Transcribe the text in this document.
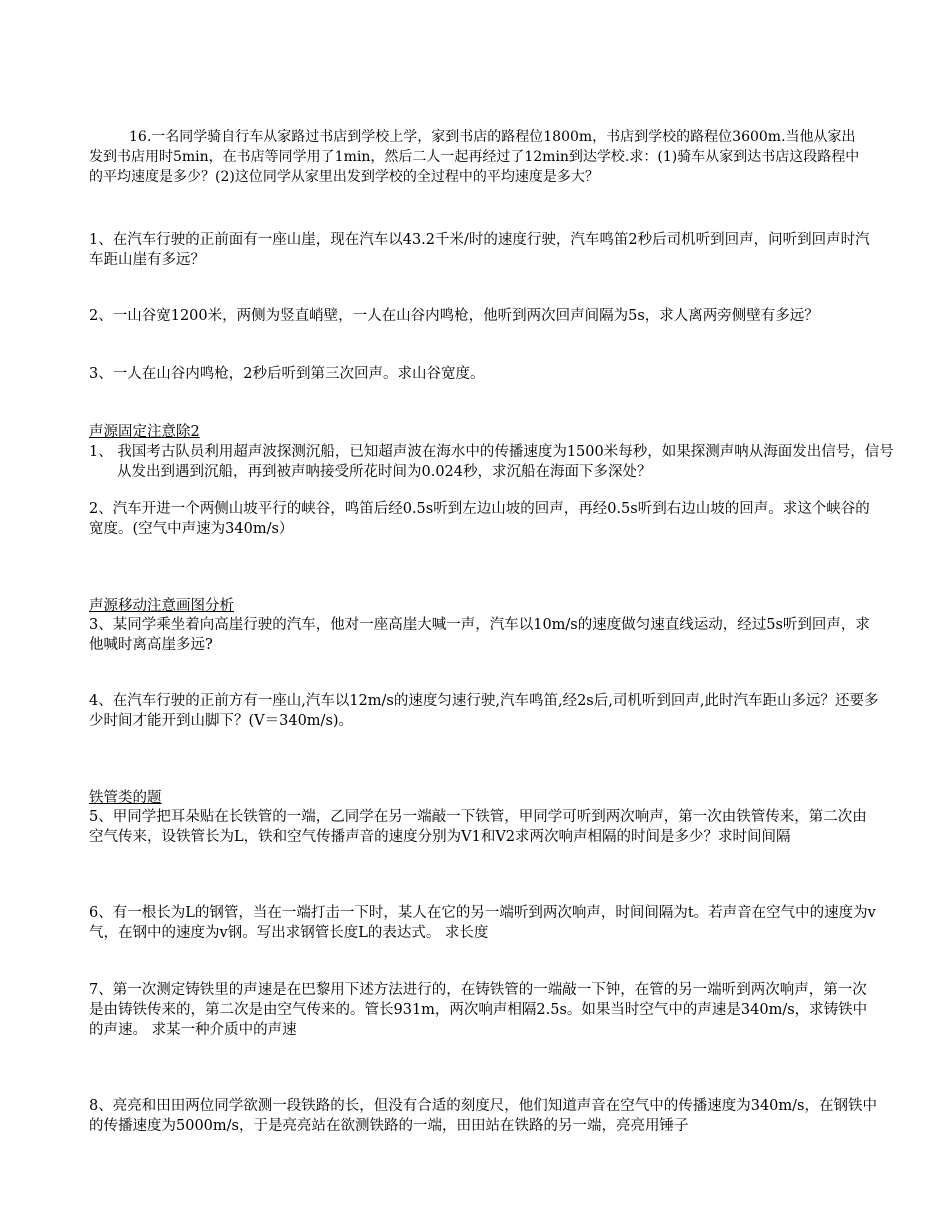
16.一名同学骑自行车从家路过书店到学校上学，家到书店的路程位1800m，书店到学校的路程位3600m.当他从家出发到书店用时5min，在书店等同学用了1min，然后二人一起再经过了12min到达学校.求：(1)骑车从家到达书店这段路程中的平均速度是多少？(2)这位同学从家里出发到学校的全过程中的平均速度是多大？

1、在汽车行驶的正前面有一座山崖，现在汽车以43.2千米/时的速度行驶，汽车鸣笛2秒后司机听到回声，问听到回声时汽车距山崖有多远？

2、一山谷宽1200米，两侧为竖直峭壁，一人在山谷内鸣枪，他听到两次回声间隔为5s，求人离两旁侧壁有多远？

3、一人在山谷内鸣枪，2秒后听到第三次回声。求山谷宽度。

声源固定注意除2

1、 我国考古队员利用超声波探测沉船，已知超声波在海水中的传播速度为1500米每秒，如果探测声呐从海面发出信号，信号从发出到遇到沉船，再到被声呐接受所花时间为0.024秒，求沉船在海面下多深处？

2、汽车开进一个两侧山坡平行的峡谷，鸣笛后经0.5s听到左边山坡的回声，再经0.5s听到右边山坡的回声。求这个峡谷的宽度。(空气中声速为340m/s）

声源移动注意画图分析

3、某同学乘坐着向高崖行驶的汽车，他对一座高崖大喊一声，汽车以10m/s的速度做匀速直线运动，经过5s听到回声，求他喊时离高崖多远?

4、在汽车行驶的正前方有一座山,汽车以12m/s的速度匀速行驶,汽车鸣笛,经2s后,司机听到回声,此时汽车距山多远？还要多少时间才能开到山脚下？(V＝340m/s)。

铁管类的题

5、甲同学把耳朵贴在长铁管的一端，乙同学在另一端敲一下铁管，甲同学可听到两次响声，第一次由铁管传来，第二次由空气传来，设铁管长为L，铁和空气传播声音的速度分别为V1和V2求两次响声相隔的时间是多少？求时间间隔

6、有一根长为L的钢管，当在一端打击一下时，某人在它的另一端听到两次响声，时间间隔为t。若声音在空气中的速度为v气，在钢中的速度为v钢。写出求钢管长度L的表达式。 求长度

7、第一次测定铸铁里的声速是在巴黎用下述方法进行的，在铸铁管的一端敲一下钟，在管的另一端听到两次响声，第一次是由铸铁传来的，第二次是由空气传来的。管长931m，两次响声相隔2.5s。如果当时空气中的声速是340m/s，求铸铁中的声速。 求某一种介质中的声速

8、亮亮和田田两位同学欲测一段铁路的长，但没有合适的刻度尺，他们知道声音在空气中的传播速度为340m/s，在钢铁中的传播速度为5000m/s，于是亮亮站在欲测铁路的一端，田田站在铁路的另一端，亮亮用锤子
